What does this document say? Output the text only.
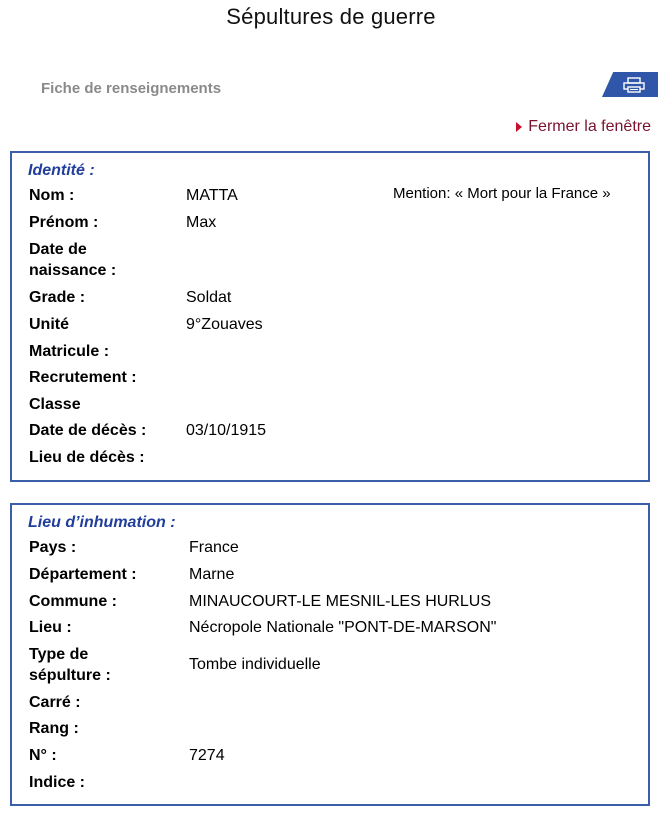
Sépultures de guerre
Fiche de renseignements
Fermer la fenêtre
Identité :
Mention: « Mort pour la France »
Nom :	MATTA
Prénom :	Max
Date de naissance :
Grade :	Soldat
Unité	9°Zouaves
Matricule :
Recrutement :
Classe
Date de décès :	03/10/1915
Lieu de décès :
Lieu d’inhumation :
Pays :	France
Département :	Marne
Commune :	MINAUCOURT-LE MESNIL-LES HURLUS
Lieu :	Nécropole Nationale "PONT-DE-MARSON"
Type de sépulture :
Tombe individuelle
Carré :
Rang :
N° :	7274
Indice :
